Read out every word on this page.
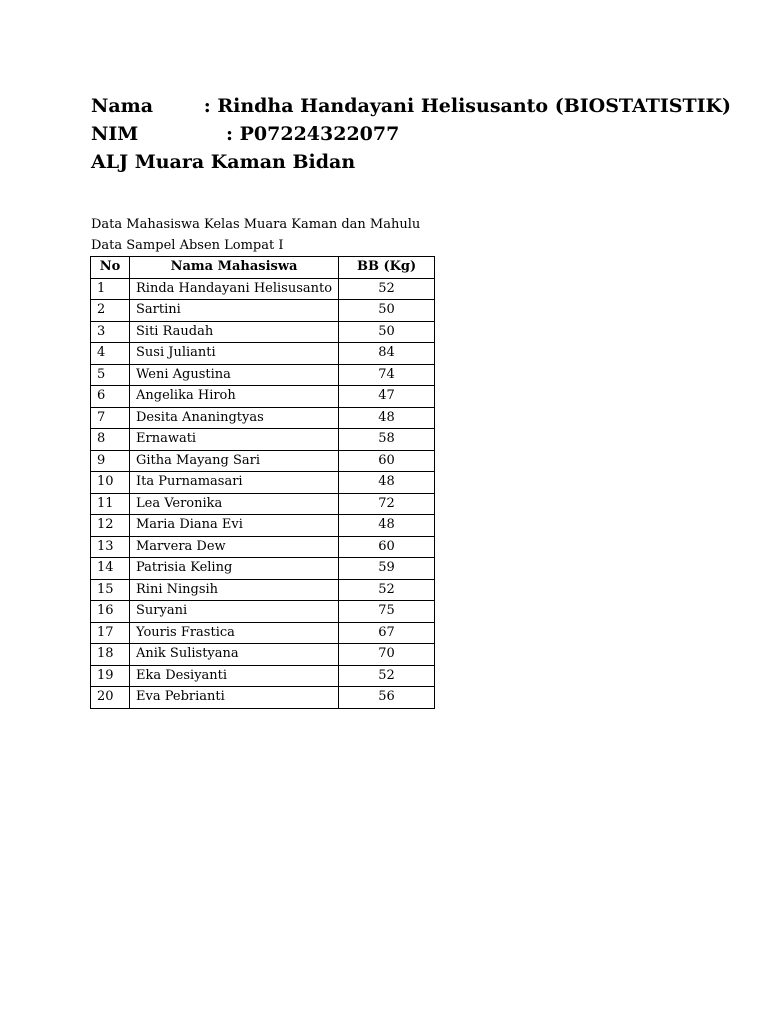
Nama	: Rindha Handayani Helisusanto (BIOSTATISTIK)
NIM	: P07224322077
ALJ Muara Kaman Bidan
Data Mahasiswa Kelas Muara Kaman dan Mahulu
Data Sampel Absen Lompat I
No	Nama Mahasiswa	BB (Kg)
1	Rinda Handayani Helisusanto	52
2	Sartini	50
3	Siti Raudah	50
4	Susi Julianti	84
5	Weni Agustina	74
6	Angelika Hiroh	47
7	Desita Ananingtyas	48
8	Ernawati	58
9	Githa Mayang Sari	60
10	Ita Purnamasari	48
11	Lea Veronika	72
12	Maria Diana Evi	48
13	Marvera Dew	60
14	Patrisia Keling	59
15	Rini Ningsih	52
16	Suryani	75
17	Youris Frastica	67
18	Anik Sulistyana	70
19	Eka Desiyanti	52
20	Eva Pebrianti	56
